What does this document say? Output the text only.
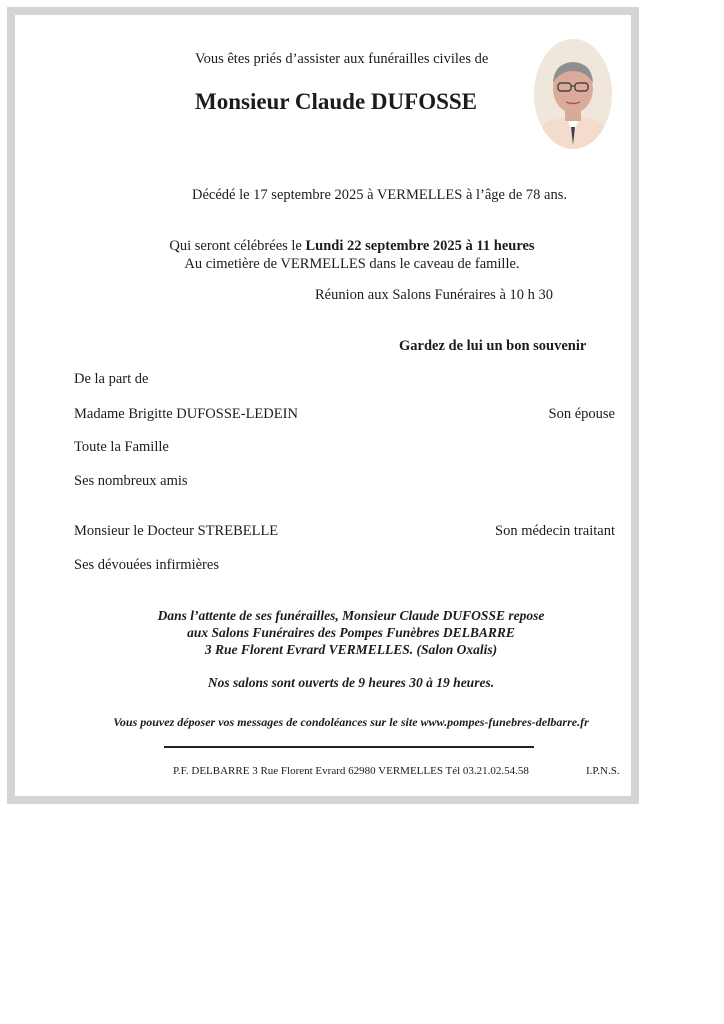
Vous êtes priés d’assister aux funérailles civiles de
Monsieur Claude DUFOSSE
Décédé le 17 septembre 2025 à VERMELLES à l’âge de 78 ans.
Qui seront célébrées le Lundi 22 septembre 2025 à 11 heures
Au cimetière de VERMELLES dans le caveau de famille.
Réunion aux Salons Funéraires à 10 h 30
Gardez de lui un bon souvenir
De la part de
Madame Brigitte DUFOSSE-LEDEIN	Son épouse
Toute la Famille
Ses nombreux amis
Monsieur le Docteur STREBELLE	Son médecin traitant
Ses dévouées infirmières
Dans l’attente de ses funérailles, Monsieur Claude DUFOSSE repose
aux Salons Funéraires des Pompes Funèbres DELBARRE
3 Rue Florent Evrard VERMELLES. (Salon Oxalis)
Nos salons sont ouverts de 9 heures 30 à 19 heures.
Vous pouvez déposer vos messages de condoléances sur le site www.pompes-funebres-delbarre.fr
P.F. DELBARRE 3 Rue Florent Evrard 62980 VERMELLES Tél 03.21.02.54.58	I.P.N.S.
